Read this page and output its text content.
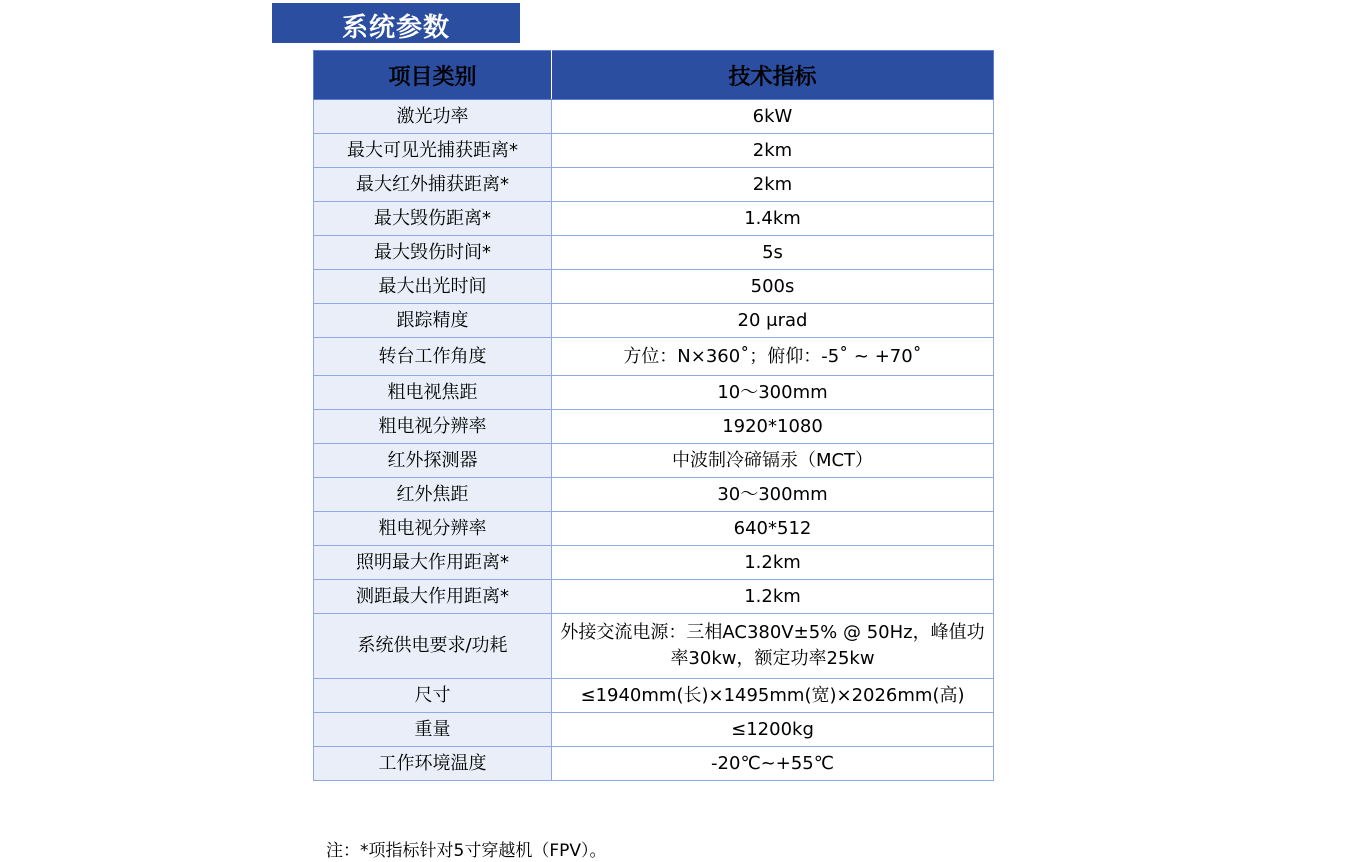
系统参数
项目类别	技术指标
激光功率	6kW
最大可见光捕获距离*	2km
最大红外捕获距离*	2km
最大毁伤距离*	1.4km
最大毁伤时间*	5s
最大出光时间	500s
跟踪精度	20 μrad
转台工作角度	方位：N×360˚；俯仰：-5˚ ~ +70˚
粗电视焦距	10～300mm
粗电视分辨率	1920*1080
红外探测器	中波制冷碲镉汞（MCT）
红外焦距	30～300mm
粗电视分辨率	640*512
照明最大作用距离*	1.2km
测距最大作用距离*	1.2km
系统供电要求/功耗	外接交流电源：三相AC380V±5% @ 50Hz，峰值功率30kw，额定功率25kw
尺寸	≤1940mm(长)×1495mm(宽)×2026mm(高)
重量	≤1200kg
工作环境温度	-20℃~+55℃
注：*项指标针对5寸穿越机（FPV）。
